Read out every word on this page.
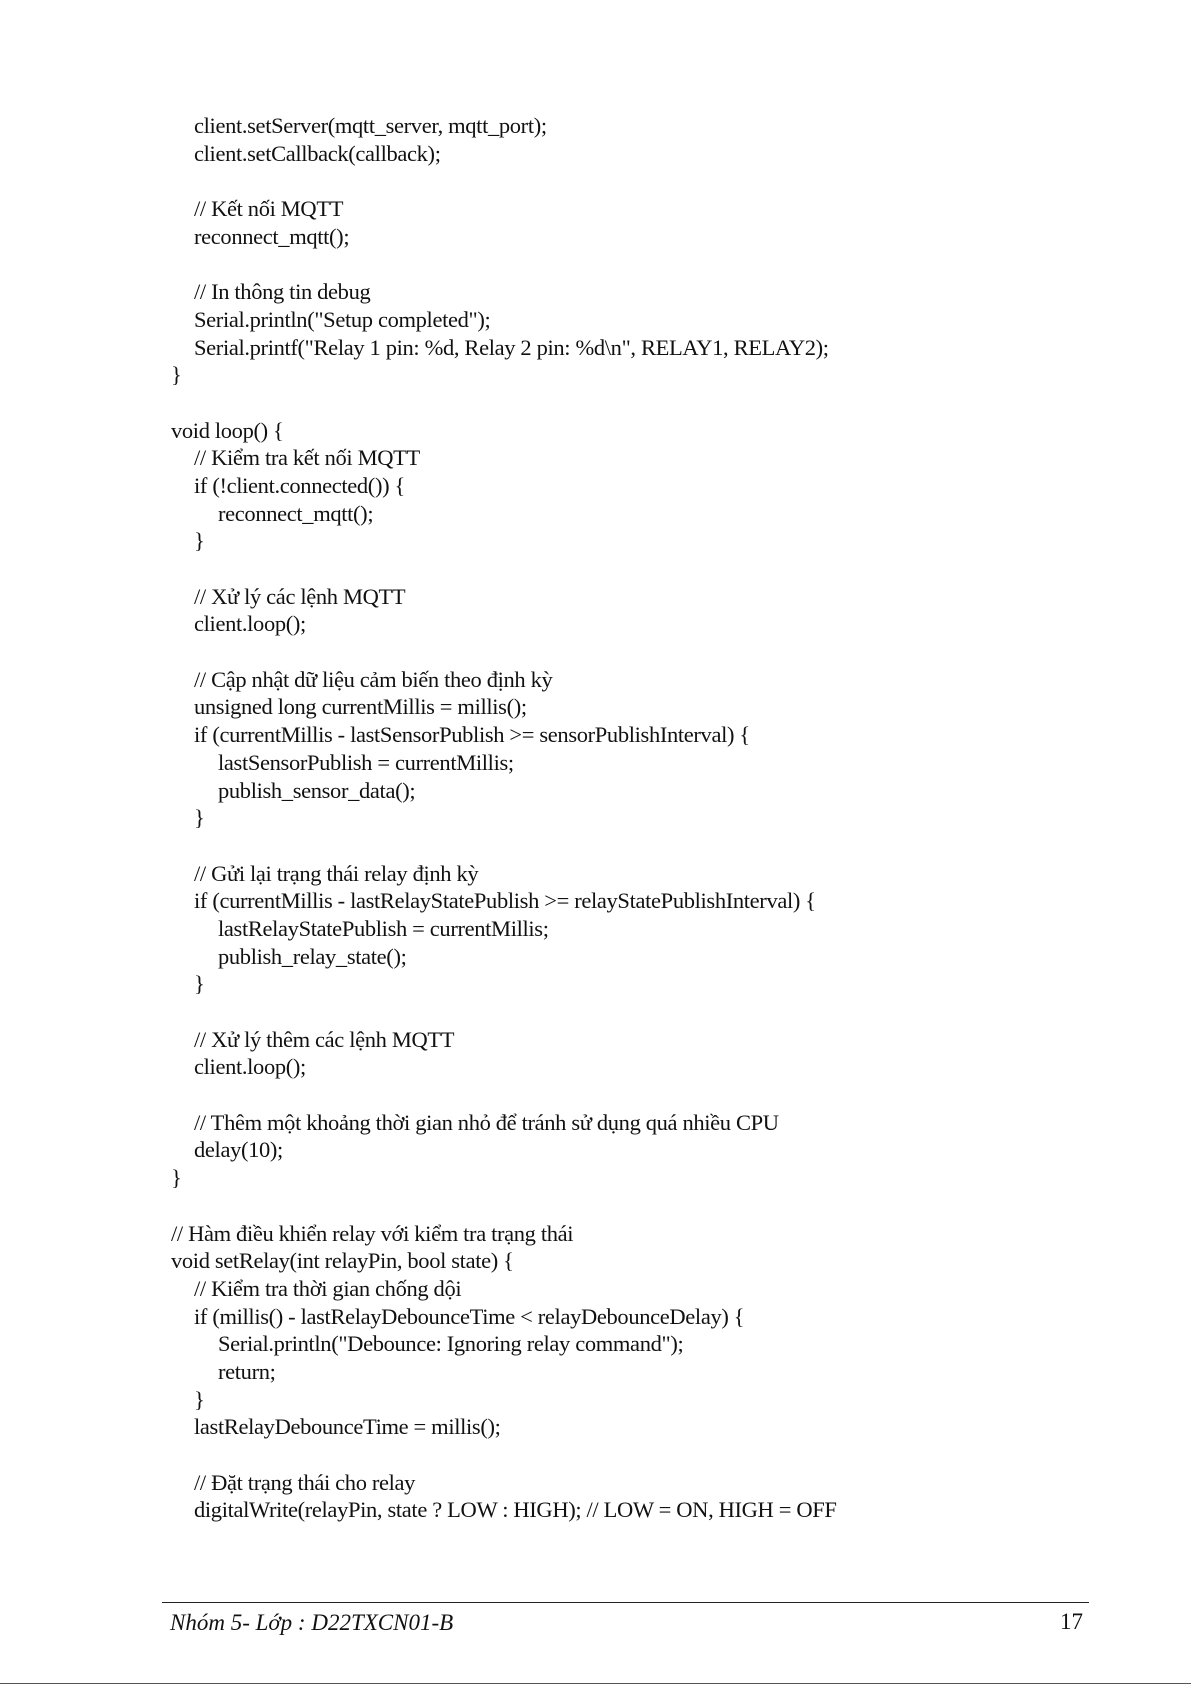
client.setServer(mqtt_server, mqtt_port);
client.setCallback(callback);
// Kết nối MQTT
reconnect_mqtt();
// In thông tin debug
Serial.println("Setup completed");
Serial.printf("Relay 1 pin: %d, Relay 2 pin: %d\n", RELAY1, RELAY2);
}
void loop() {
// Kiểm tra kết nối MQTT
if (!client.connected()) {
reconnect_mqtt();
}
// Xử lý các lệnh MQTT
client.loop();
// Cập nhật dữ liệu cảm biến theo định kỳ
unsigned long currentMillis = millis();
if (currentMillis - lastSensorPublish >= sensorPublishInterval) {
lastSensorPublish = currentMillis;
publish_sensor_data();
}
// Gửi lại trạng thái relay định kỳ
if (currentMillis - lastRelayStatePublish >= relayStatePublishInterval) {
lastRelayStatePublish = currentMillis;
publish_relay_state();
}
// Xử lý thêm các lệnh MQTT
client.loop();
// Thêm một khoảng thời gian nhỏ để tránh sử dụng quá nhiều CPU
delay(10);
}
// Hàm điều khiển relay với kiểm tra trạng thái
void setRelay(int relayPin, bool state) {
// Kiểm tra thời gian chống dội
if (millis() - lastRelayDebounceTime < relayDebounceDelay) {
Serial.println("Debounce: Ignoring relay command");
return;
}
lastRelayDebounceTime = millis();
// Đặt trạng thái cho relay
digitalWrite(relayPin, state ? LOW : HIGH); // LOW = ON, HIGH = OFF
Nhóm 5- Lớp : D22TXCN01-B	17
